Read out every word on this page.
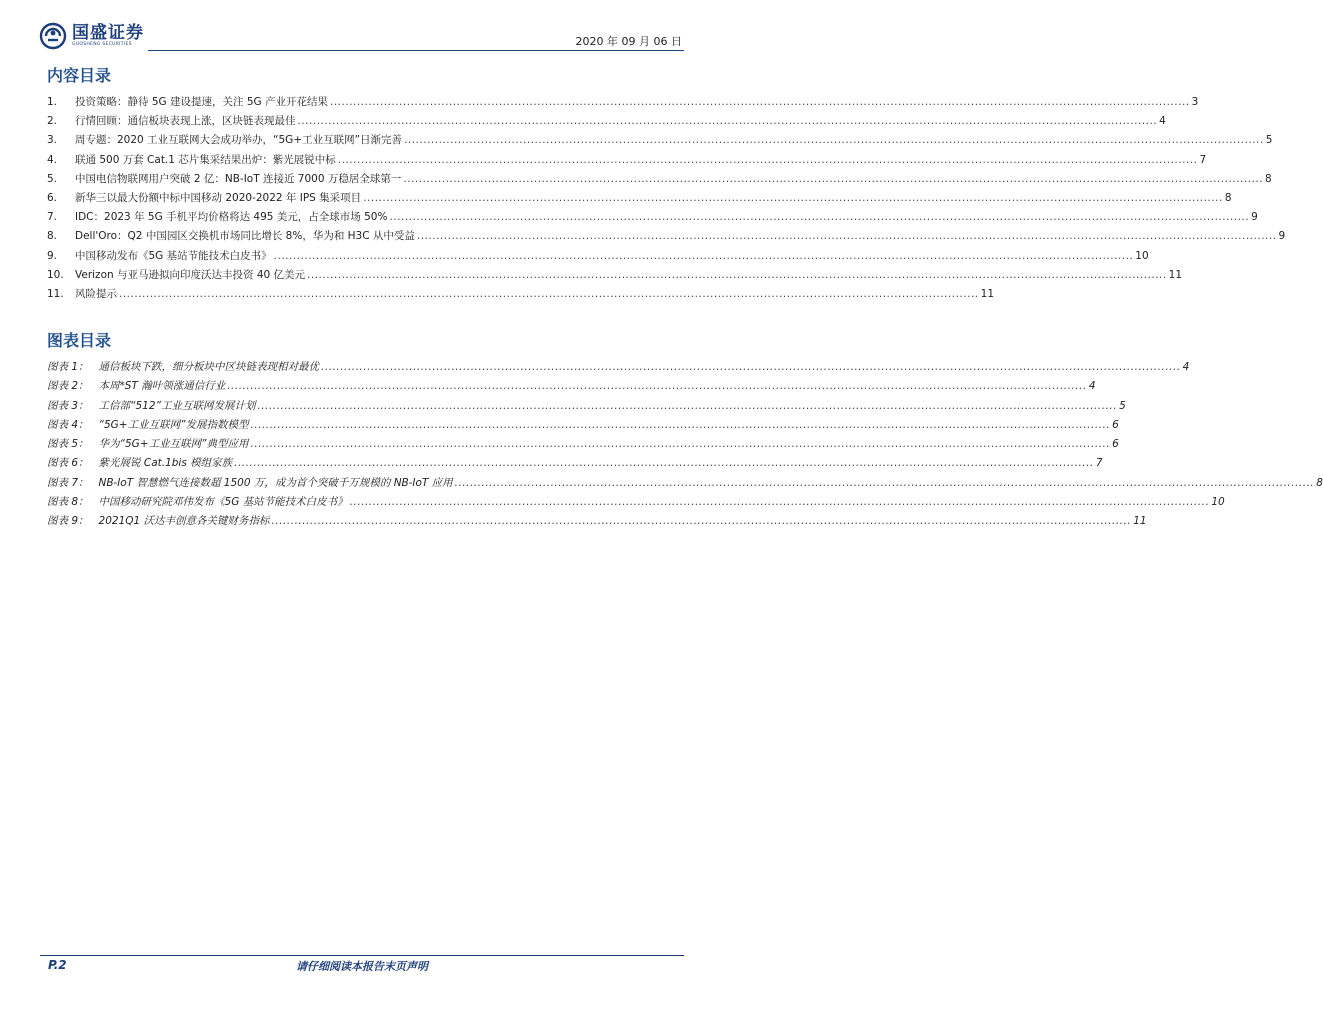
国盛证券
GUOSHENG SECURITIES	2020 年 09 月 06 日
内容目录
1.	投资策略：静待 5G 建设提速，关注 5G 产业开花结果 .....	3
2.	行情回顾：通信板块表现上涨，区块链表现最佳 .....	4
3.	周专题：2020 工业互联网大会成功举办，“5G+工业互联网”日渐完善 .....	5
4.	联通 500 万套 Cat.1 芯片集采结果出炉：紫光展锐中标 .....	7
5.	中国电信物联网用户突破 2 亿：NB-IoT 连接近 7000 万稳居全球第一 .....	8
6.	新华三以最大份额中标中国移动 2020-2022 年 IPS 集采项目 .....	8
7.	IDC：2023 年 5G 手机平均价格将达 495 美元，占全球市场 50% .....	9
8.	Dell'Oro：Q2 中国园区交换机市场同比增长 8%，华为和 H3C 从中受益 .....	9
9.	中国移动发布《5G 基站节能技术白皮书》 .....	10
10.	Verizon 与亚马逊拟向印度沃达丰投资 40 亿美元 .....	11
11.	风险提示 .....	11
图表目录
图表 1： 通信板块下跌，细分板块中区块链表现相对最优 .....	4
图表 2： 本周*ST 瀚叶领涨通信行业 .....	4
图表 3： 工信部“512”工业互联网发展计划 .....	5
图表 4： “5G+工业互联网”发展指数模型 .....	6
图表 5： 华为“5G+工业互联网”典型应用 .....	6
图表 6： 紫光展锐 Cat.1bis 模组家族 .....	7
图表 7： NB-IoT 智慧燃气连接数超 1500 万，成为首个突破千万规模的 NB-IoT 应用 .....	8
图表 8： 中国移动研究院邓伟发布《5G 基站节能技术白皮书》 .....	10
图表 9： 2021Q1 沃达丰创意各关键财务指标 .....	11
P.2	请仔细阅读本报告末页声明
